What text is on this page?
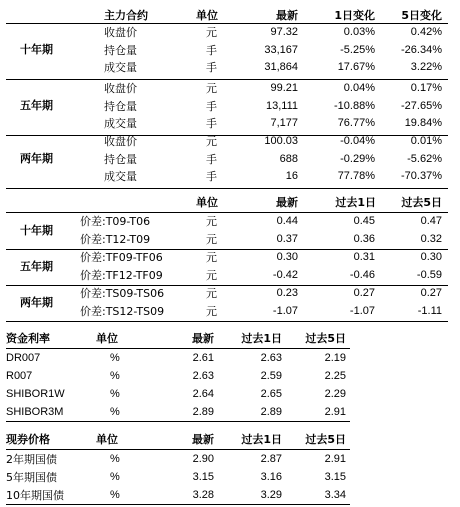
主力合约	单位	最新	1日变化	5日变化
十年期
收盘价	元	97.32	0.03%	0.42%
持仓量	手	33,167	-5.25%	-26.34%
成交量	手	31,864	17.67%	3.22%
五年期
收盘价	元	99.21	0.04%	0.17%
持仓量	手	13,111	-10.88%	-27.65%
成交量	手	7,177	76.77%	19.84%
两年期
收盘价	元	100.03	-0.04%	0.01%
持仓量	手	688	-0.29%	-5.62%
成交量	手	16	77.78%	-70.37%
单位	最新	过去1日	过去5日
十年期
价差:T09-T06	元	0.44	0.45	0.47
价差:T12-T09	元	0.37	0.36	0.32
五年期
价差:TF09-TF06	元	0.30	0.31	0.30
价差:TF12-TF09	元	-0.42	-0.46	-0.59
两年期
价差:TS09-TS06	元	0.23	0.27	0.27
价差:TS12-TS09	元	-1.07	-1.07	-1.11
资金利率	单位	最新	过去1日	过去5日
DR007	%	2.61	2.63	2.19
R007	%	2.63	2.59	2.25
SHIBOR1W	%	2.64	2.65	2.29
SHIBOR3M	%	2.89	2.89	2.91
现券价格	单位	最新	过去1日	过去5日
2年期国债	%	2.90	2.87	2.91
5年期国债	%	3.15	3.16	3.15
10年期国债	%	3.28	3.29	3.34
